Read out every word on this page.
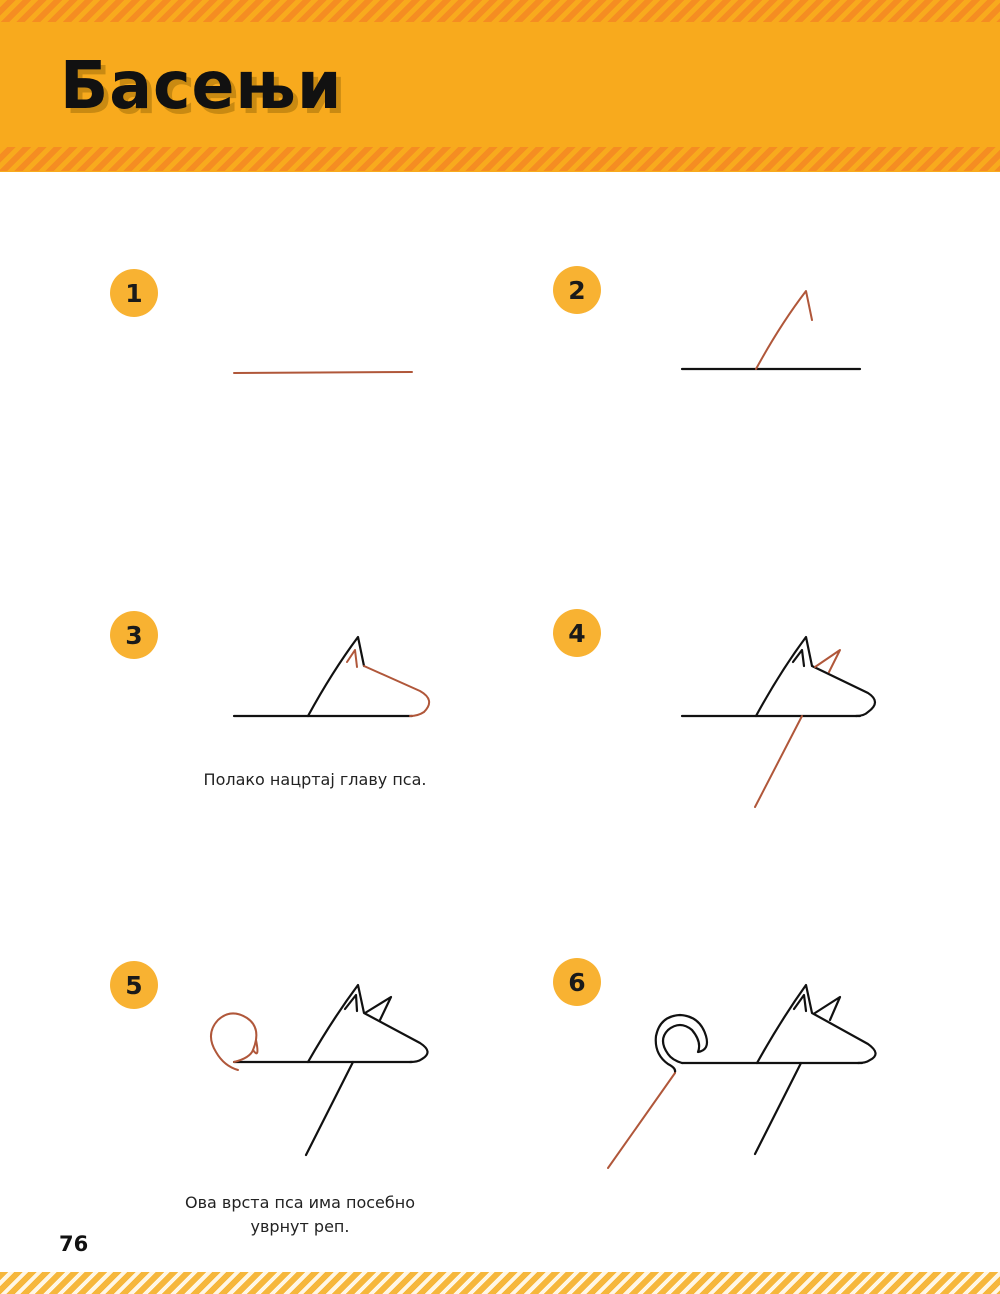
Басењи
1	2
3	4
5	6
Полако нацртај главу пса.
Ова врста пса има посебно
уврнут реп.
76
